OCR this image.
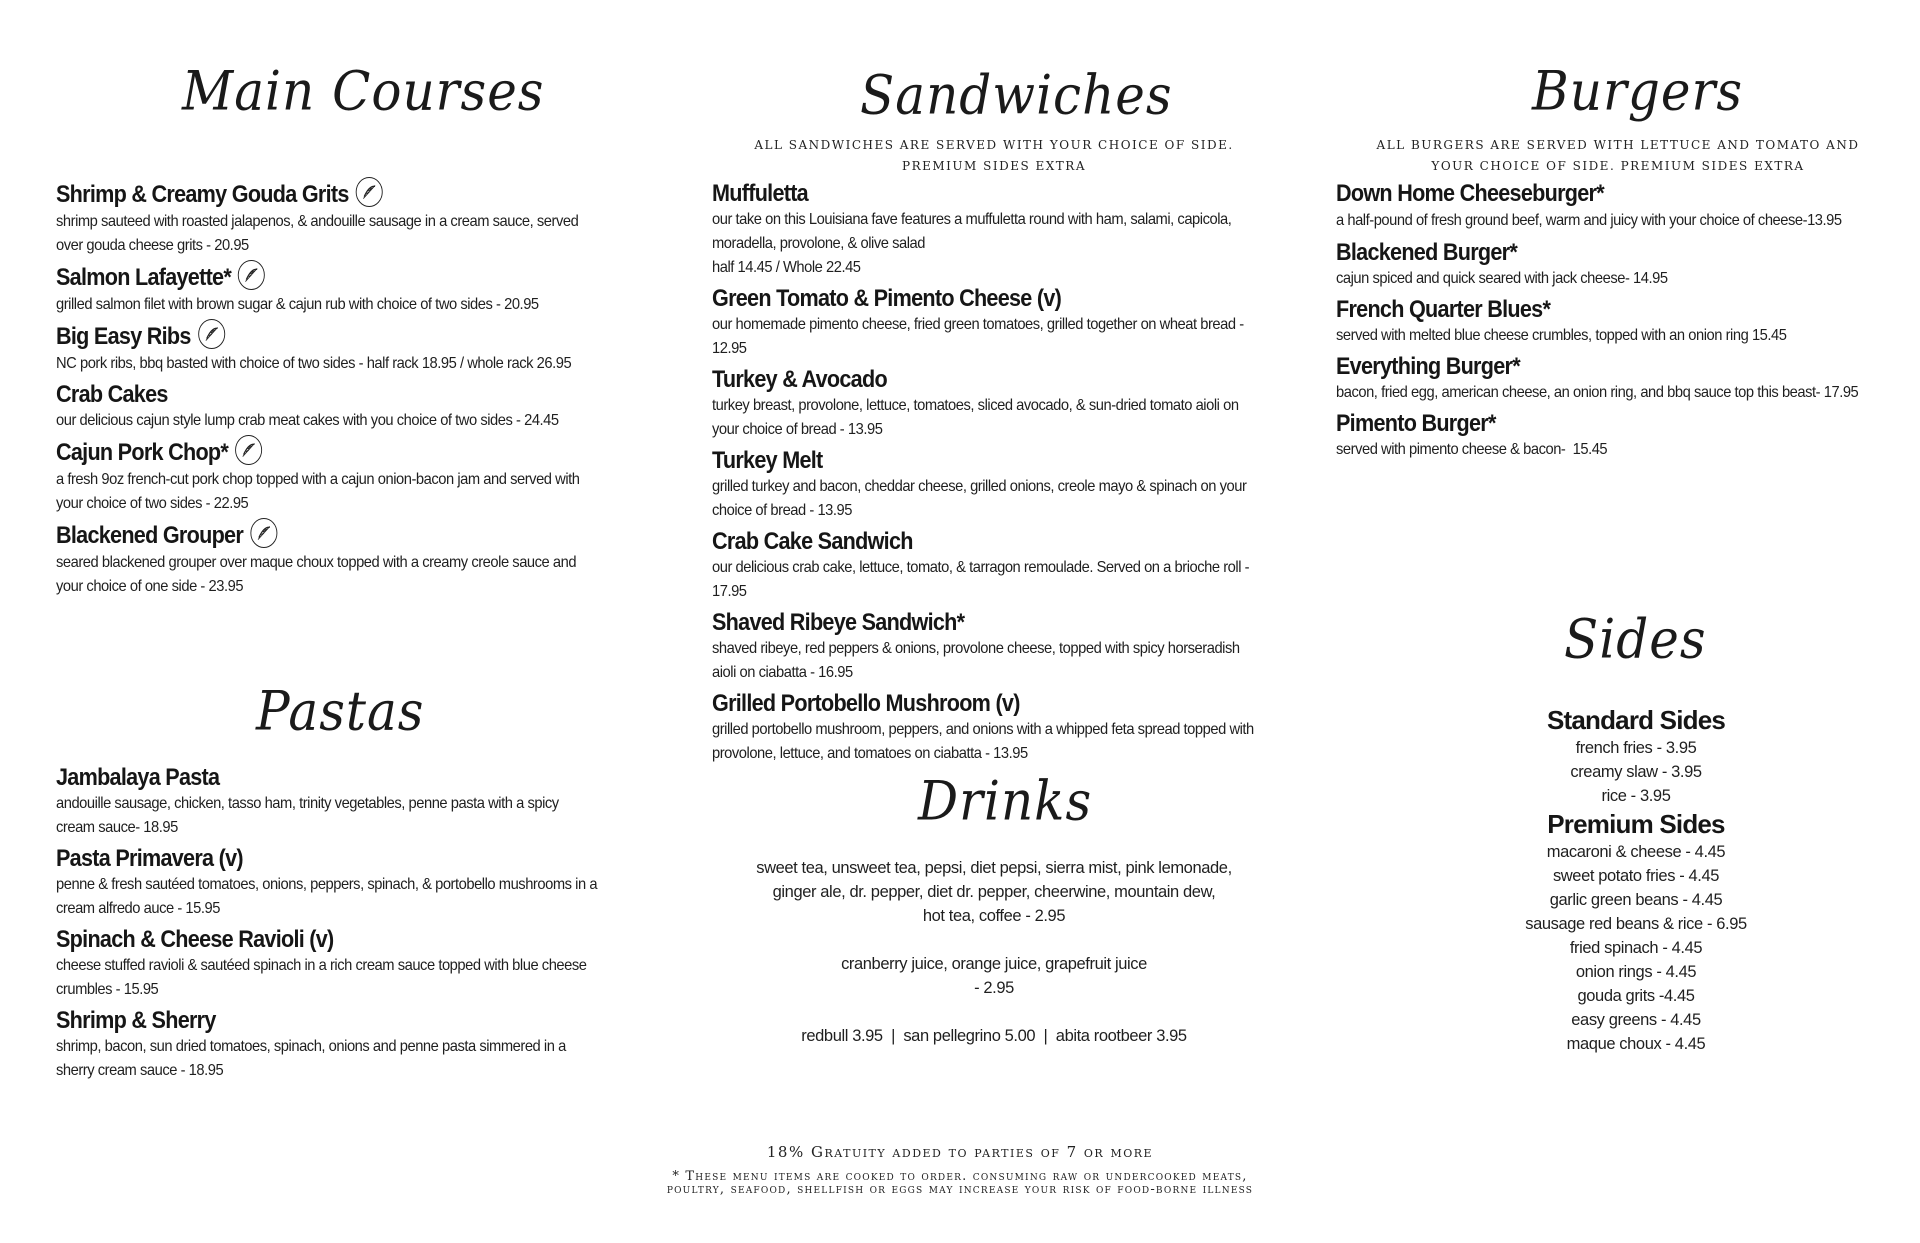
Main Courses
Shrimp & Creamy Gouda Grits
shrimp sauteed with roasted jalapenos, & andouille sausage in a cream sauce, served over gouda cheese grits - 20.95
Salmon Lafayette*
grilled salmon filet with brown sugar & cajun rub with choice of two sides - 20.95
Big Easy Ribs
NC pork ribs, bbq basted with choice of two sides - half rack 18.95 / whole rack 26.95
Crab Cakes
our delicious cajun style lump crab meat cakes with you choice of two sides - 24.45
Cajun Pork Chop*
a fresh 9oz french-cut pork chop topped with a cajun onion-bacon jam and served with your choice of two sides - 22.95
Blackened Grouper
seared blackened grouper over maque choux topped with a creamy creole sauce and your choice of one side - 23.95
Pastas
Jambalaya Pasta
andouille sausage, chicken, tasso ham, trinity vegetables, penne pasta with a spicy cream sauce- 18.95
Pasta Primavera (v)
penne & fresh sautéed tomatoes, onions, peppers, spinach, & portobello mushrooms in a cream alfredo auce - 15.95
Spinach & Cheese Ravioli (v)
cheese stuffed ravioli & sautéed spinach in a rich cream sauce topped with blue cheese crumbles - 15.95
Shrimp & Sherry
shrimp, bacon, sun dried tomatoes, spinach, onions and penne pasta simmered in a sherry cream sauce - 18.95
Sandwiches
ALL SANDWICHES ARE SERVED WITH YOUR CHOICE OF SIDE.
PREMIUM SIDES EXTRA
Muffuletta
our take on this Louisiana fave features a muffuletta round with ham, salami, capicola, moradella, provolone, & olive salad
half 14.45 / Whole 22.45
Green Tomato & Pimento Cheese (v)
our homemade pimento cheese, fried green tomatoes, grilled together on wheat bread - 12.95
Turkey & Avocado
turkey breast, provolone, lettuce, tomatoes, sliced avocado, & sun-dried tomato aioli on your choice of bread - 13.95
Turkey Melt
grilled turkey and bacon, cheddar cheese, grilled onions, creole mayo & spinach on your choice of bread - 13.95
Crab Cake Sandwich
our delicious crab cake, lettuce, tomato, & tarragon remoulade. Served on a brioche roll - 17.95
Shaved Ribeye Sandwich*
shaved ribeye, red peppers & onions, provolone cheese, topped with spicy horseradish aioli on ciabatta - 16.95
Grilled Portobello Mushroom (v)
grilled portobello mushroom, peppers, and onions with a whipped feta spread topped with provolone, lettuce, and tomatoes on ciabatta - 13.95
Drinks

sweet tea, unsweet tea, pepsi, diet pepsi, sierra mist, pink lemonade,
ginger ale, dr. pepper, diet dr. pepper, cheerwine, mountain dew,
hot tea, coffee - 2.95

cranberry juice, orange juice, grapefruit juice
- 2.95

redbull 3.95  |  san pellegrino 5.00  |  abita rootbeer 3.95

Burgers
ALL BURGERS ARE SERVED WITH LETTUCE AND TOMATO AND
YOUR CHOICE OF SIDE. PREMIUM SIDES EXTRA
Down Home Cheeseburger*
a half-pound of fresh ground beef, warm and juicy with your choice of cheese-13.95
Blackened Burger*
cajun spiced and quick seared with jack cheese- 14.95
French Quarter Blues*
served with melted blue cheese crumbles, topped with an onion ring 15.45
Everything Burger*
bacon, fried egg, american cheese, an onion ring, and bbq sauce top this beast- 17.95
Pimento Burger*
served with pimento cheese & bacon-  15.45
Sides
Standard Sides
french fries - 3.95
creamy slaw - 3.95
rice - 3.95
Premium Sides
macaroni & cheese - 4.45
sweet potato fries - 4.45
garlic green beans - 4.45
sausage red beans & rice - 6.95
fried spinach - 4.45
onion rings - 4.45
gouda grits -4.45
easy greens - 4.45
maque choux - 4.45
18% Gratuity added to parties of 7 or more
* These menu items are cooked to order. consuming raw or undercooked meats,
poultry, seafood, shellfish or eggs may increase your risk of food-borne illness
